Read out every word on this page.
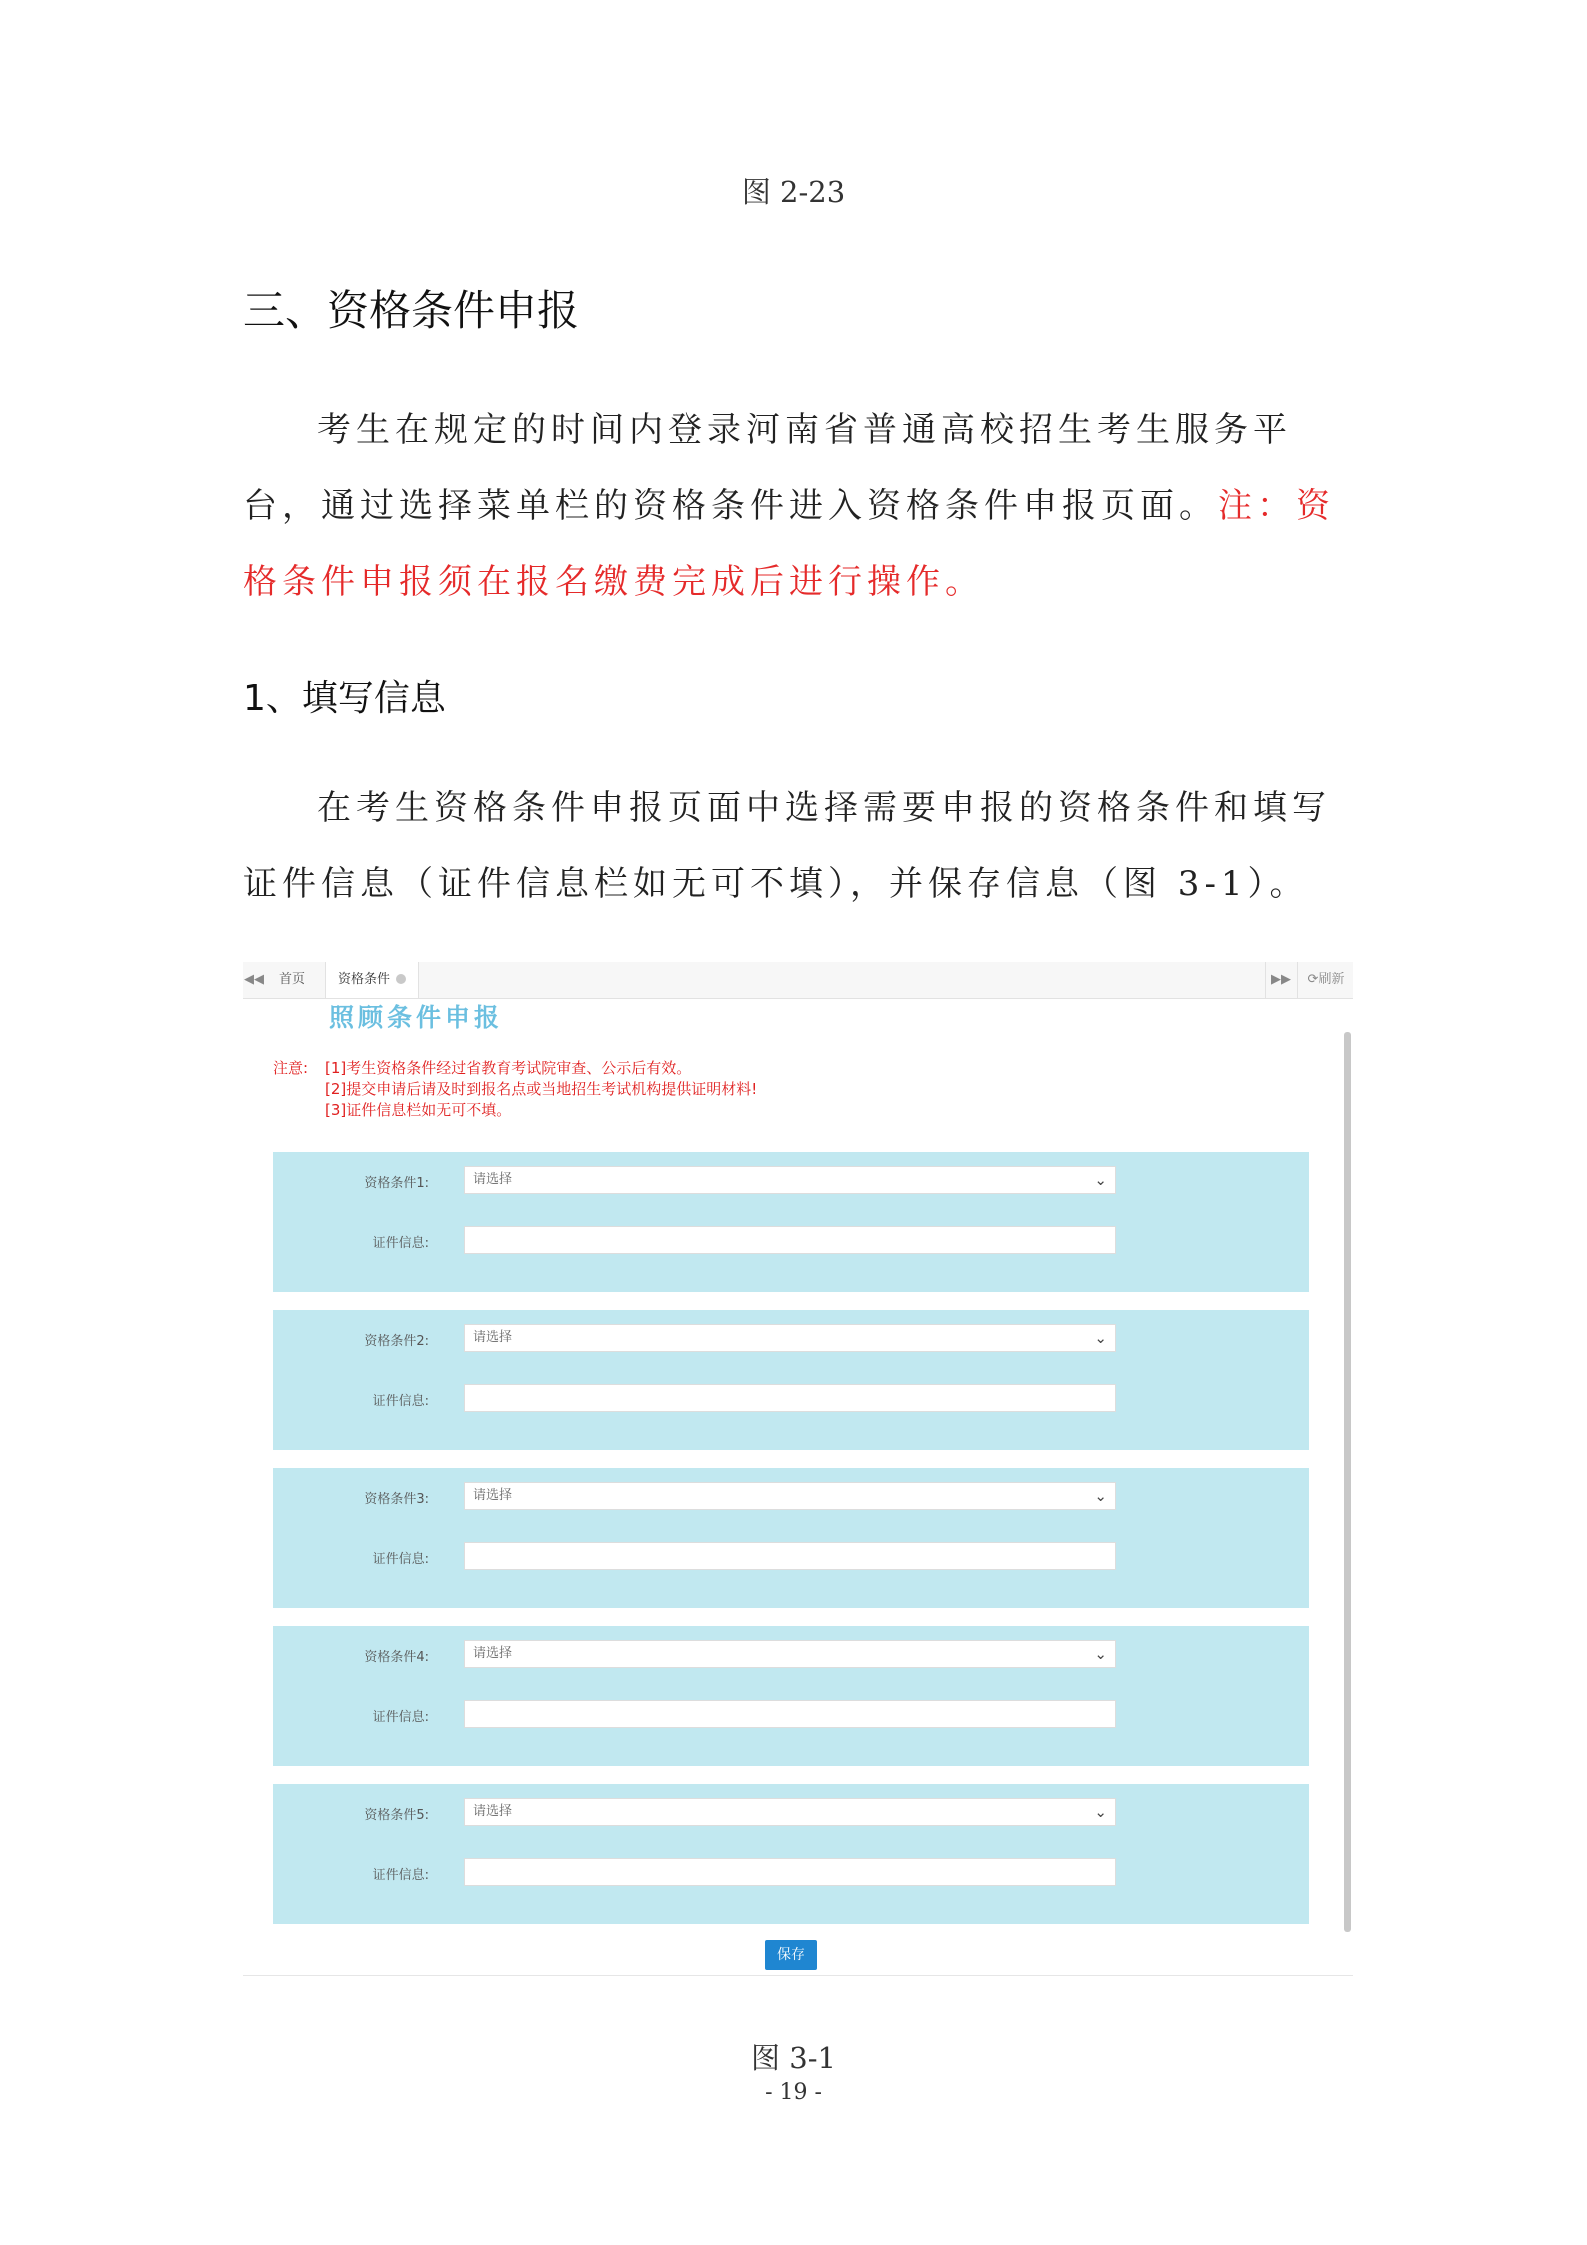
图 2-23
三、资格条件申报

考生在规定的时间内登录河南省普通高校招生考生服务平台，通过选择菜单栏的资格条件进入资格条件申报页面。注：资格条件申报须在报名缴费完成后进行操作。

1、填写信息

在考生资格条件申报页面中选择需要申报的资格条件和填写证件信息（证件信息栏如无可不填），并保存信息（图 3-1）。

◀◀	首页	资格条件	▶▶	⟳刷新
照顾条件申报
注意: [1]考生资格条件经过省教育考试院审查、公示后有效。
[2]提交申请后请及时到报名点或当地招生考试机构提供证明材料!
[3]证件信息栏如无可不填。
资格条件1:	请选择	⌄
证件信息:
资格条件2:	请选择	⌄
证件信息:
资格条件3:	请选择	⌄
证件信息:
资格条件4:	请选择	⌄
证件信息:
资格条件5:	请选择	⌄
证件信息:
保存
图 3-1
- 19 -
